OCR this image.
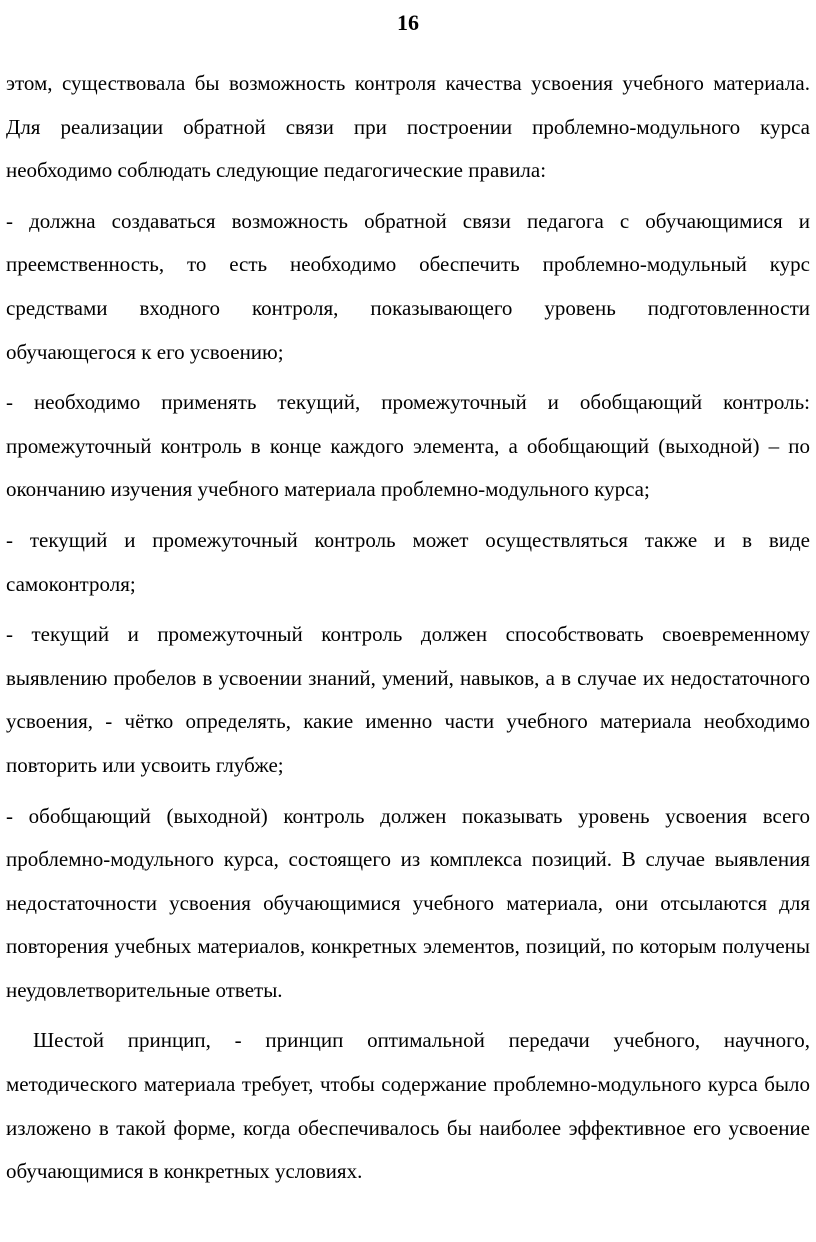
16

этом, существовала бы возможность контроля качества усвоения учебного материала. Для реализации обратной связи при построении проблемно-модульного курса необходимо соблюдать следующие педагогические правила:

- должна создаваться возможность обратной связи педагога с обучающимися и преемственность, то есть необходимо обеспечить проблемно-модульный курс средствами входного контроля, показывающего уровень подготовленности обучающегося к его усвоению;

- необходимо применять текущий, промежуточный и обобщающий контроль: промежуточный контроль в конце каждого элемента, а обобщающий (выходной) – по окончанию изучения учебного материала проблемно-модульного курса;

- текущий и промежуточный контроль может осуществляться также и в виде самоконтроля;

- текущий и промежуточный контроль должен способствовать своевременному выявлению пробелов в усвоении знаний, умений, навыков, а в случае их недостаточного усвоения, - чётко определять, какие именно части учебного материала необходимо повторить или усвоить глубже;

- обобщающий (выходной) контроль должен показывать уровень усвоения всего проблемно-модульного курса, состоящего из комплекса позиций. В случае выявления недостаточности усвоения обучающимися учебного материала, они отсылаются для повторения учебных материалов, конкретных элементов, позиций, по которым получены неудовлетворительные ответы.

Шестой принцип, - принцип оптимальной передачи учебного, научного, методического материала требует, чтобы содержание проблемно-модульного курса было изложено в такой форме, когда обеспечивалось бы наиболее эффективное его усвоение обучающимися в конкретных условиях.
